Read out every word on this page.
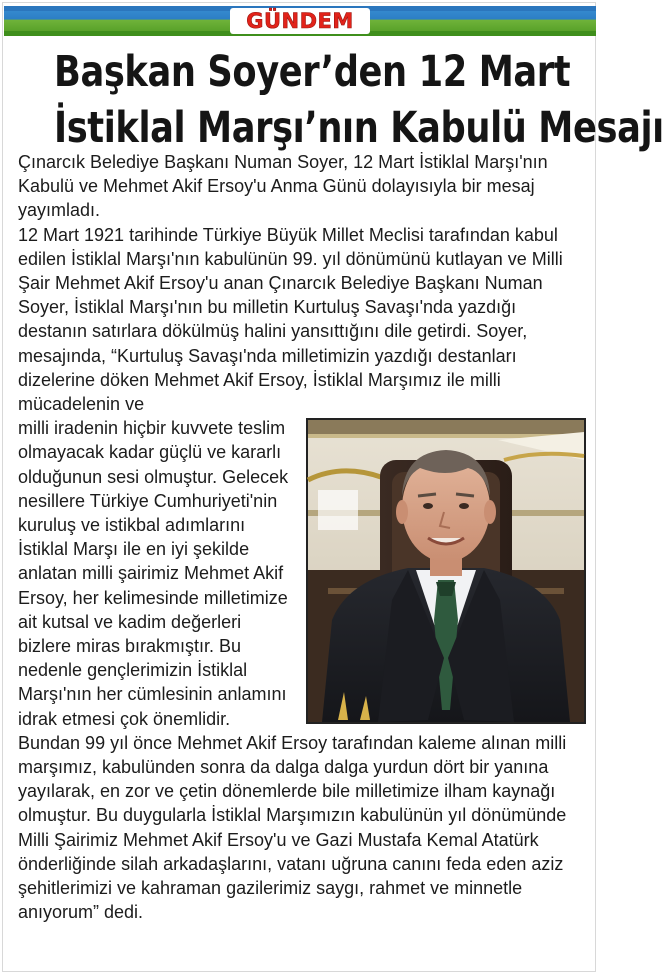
GÜNDEM
Başkan Soyer’den 12 Mart
İstiklal Marşı’nın Kabulü Mesajı

Çınarcık Belediye Başkanı Numan Soyer, 12 Mart İstiklal Marşı'nın Kabulü ve Mehmet Akif Ersoy'u Anma Günü dolayısıyla bir mesaj yayımladı.

12 Mart 1921 tarihinde Türkiye Büyük Millet Meclisi tarafından kabul edilen İstiklal Marşı'nın kabulünün 99. yıl dönümünü kutlayan ve Milli Şair Mehmet Akif Ersoy'u anan Çınarcık Belediye Başkanı Numan Soyer, İstiklal Marşı'nın bu milletin Kurtuluş Savaşı'nda yazdığı destanın satırlara dökülmüş halini yansıttığını dile getirdi. Soyer, mesajında, “Kurtuluş Savaşı'nda milletimizin yazdığı destanları dizelerine döken Mehmet Akif Ersoy, İstiklal Marşımız ile milli mücadelenin ve

milli iradenin hiçbir kuvvete teslim olmayacak kadar güçlü ve kararlı olduğunun sesi olmuştur. Gelecek nesillere Türkiye Cumhuriyeti'nin kuruluş ve istikbal adımlarını İstiklal Marşı ile en iyi şekilde anlatan milli şairimiz Mehmet Akif Ersoy, her kelimesinde milletimize ait kutsal ve kadim değerleri bizlere miras bırakmıştır. Bu nedenle gençlerimizin İstiklal Marşı'nın her cümlesinin anlamını idrak etmesi çok önemlidir. Bundan 99 yıl önce Mehmet Akif Ersoy tarafından kaleme alınan milli marşımız, kabulünden sonra da dalga dalga yurdun dört bir yanına yayılarak, en zor ve çetin dönemlerde bile milletimize ilham kaynağı olmuştur. Bu duygularla İstiklal Marşımızın kabulünün yıl dönümünde Milli Şairimiz Mehmet Akif Ersoy'u ve Gazi Mustafa Kemal Atatürk önderliğinde silah arkadaşlarını, vatanı uğruna canını feda eden aziz şehitlerimizi ve kahraman gazilerimiz saygı, rahmet ve minnetle anıyorum” dedi.
